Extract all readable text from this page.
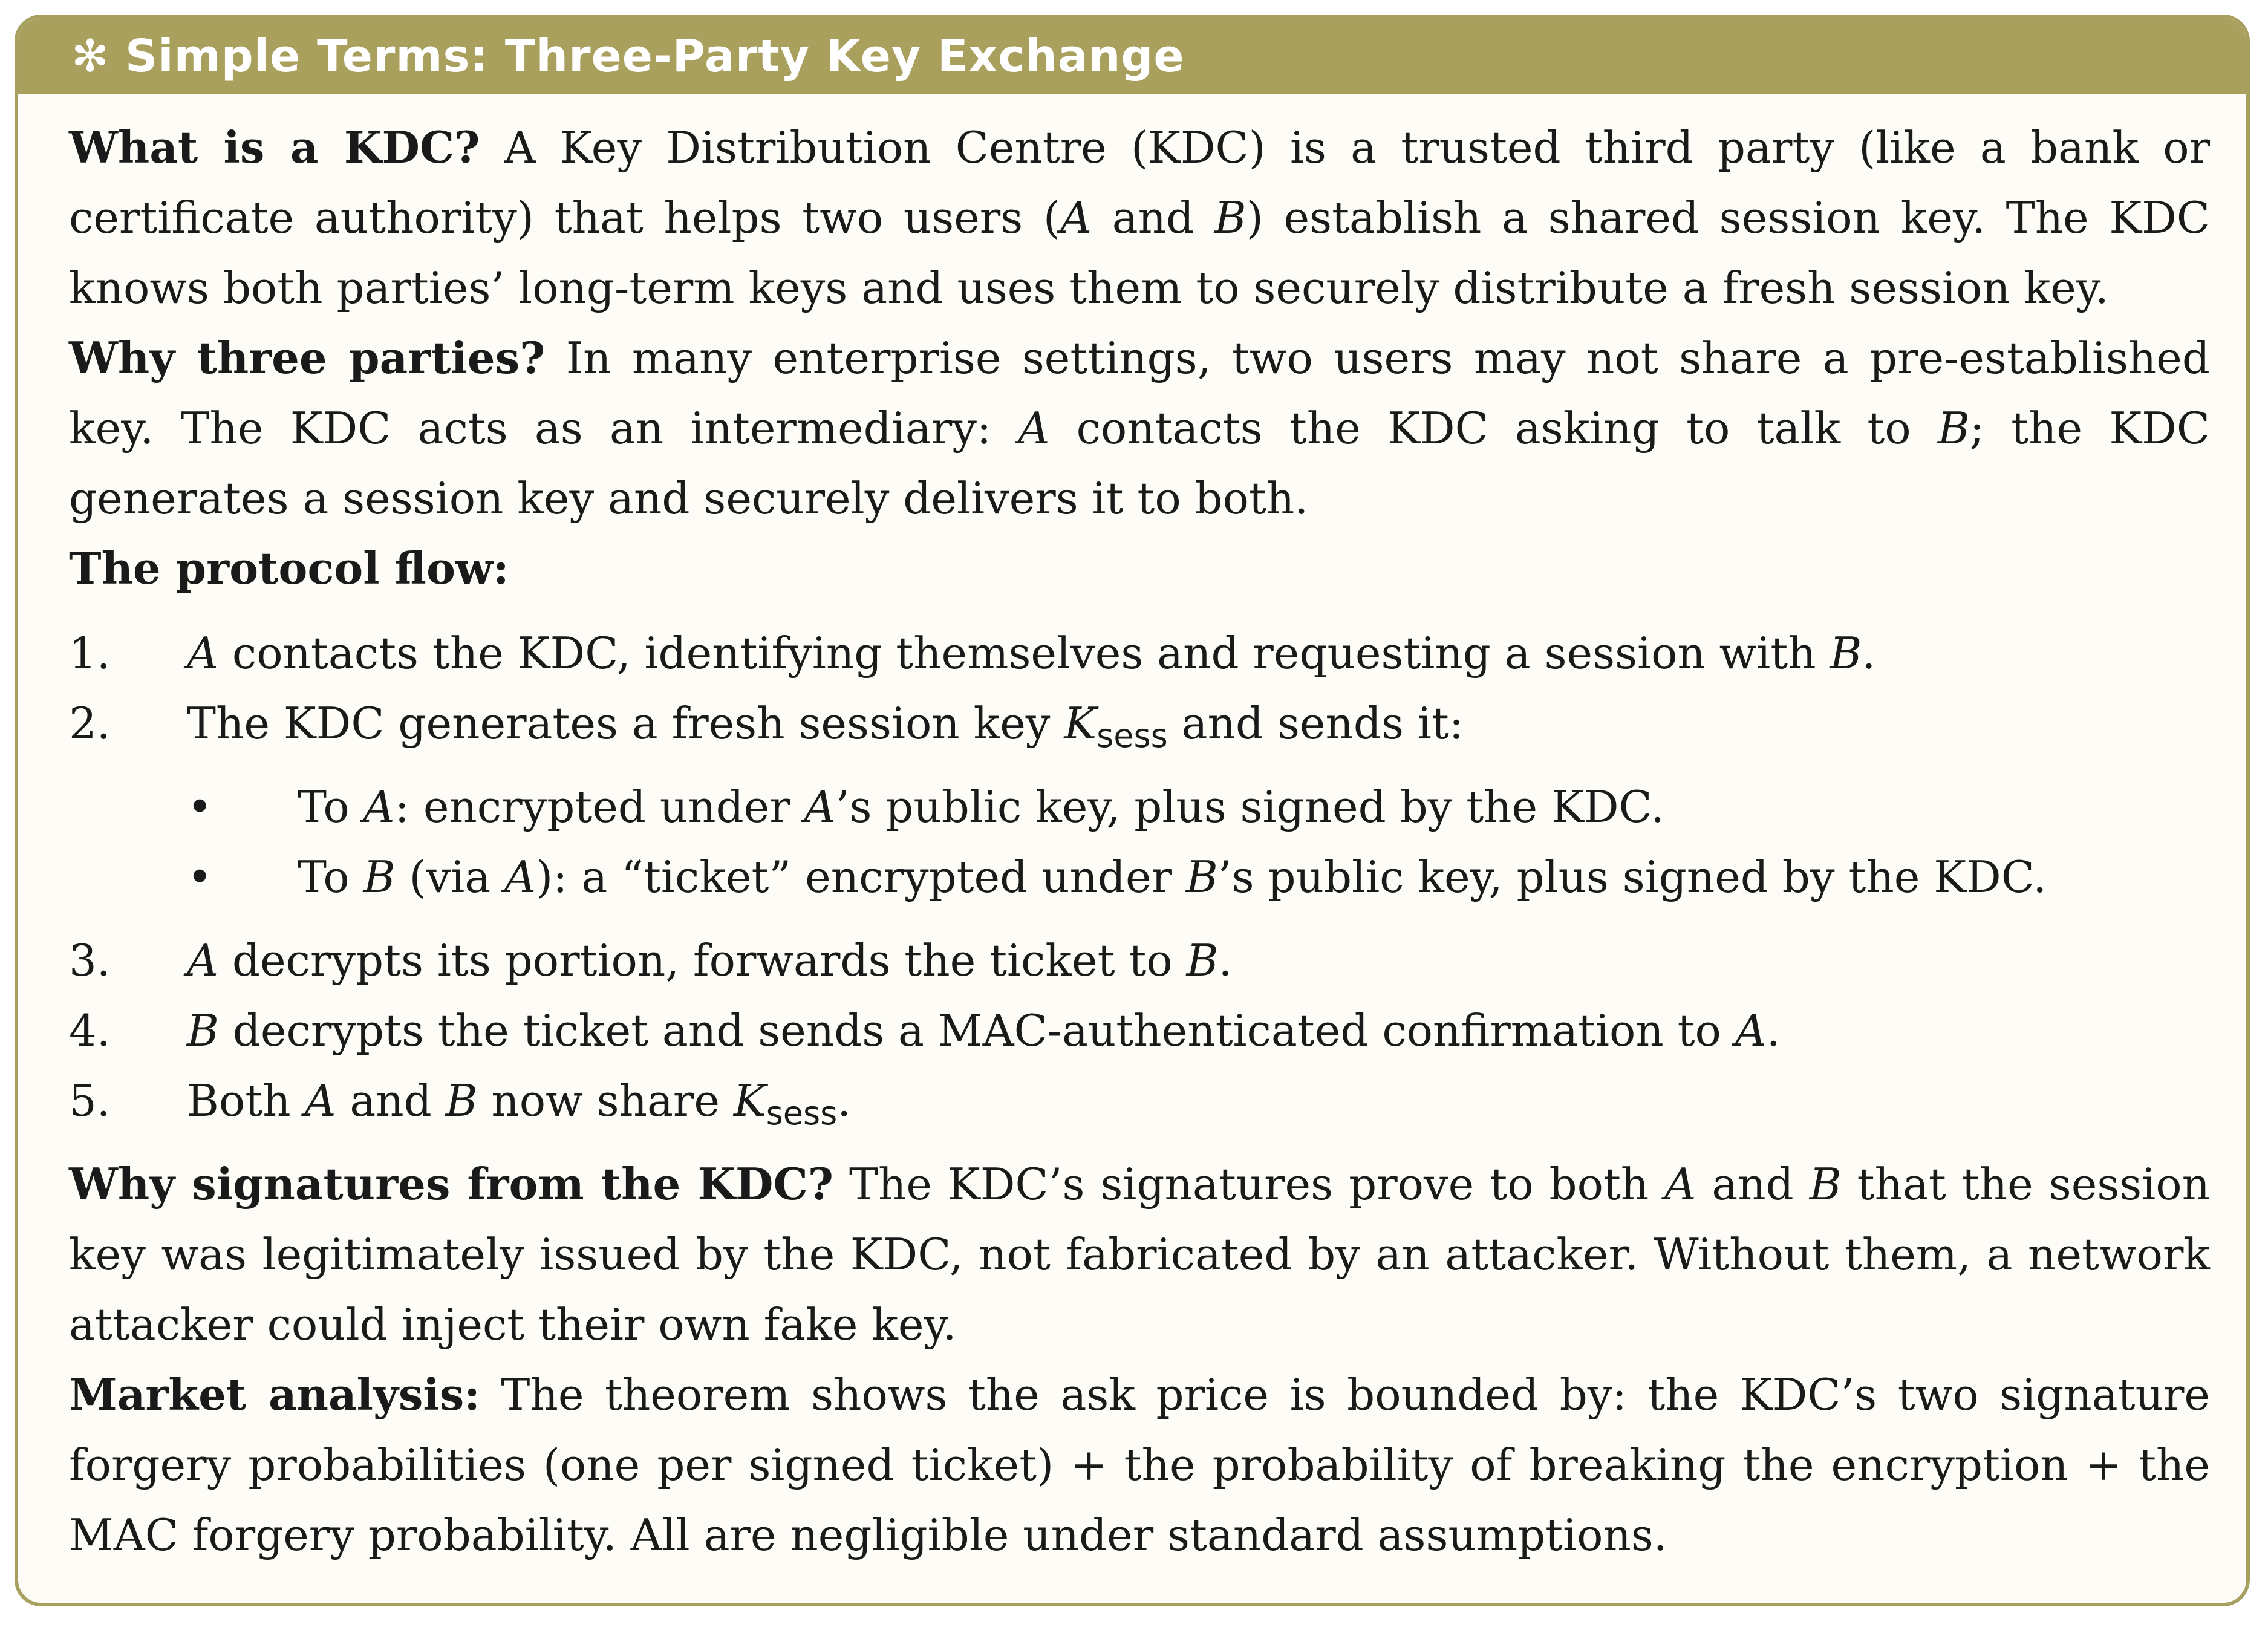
✻ Simple Terms: Three-Party Key Exchange

What is a KDC? A Key Distribution Centre (KDC) is a trusted third party (like a bank or certificate authority) that helps two users (A and B) establish a shared session key. The KDC knows both parties’ long-term keys and uses them to securely distribute a fresh session key.

Why three parties? In many enterprise settings, two users may not share a pre-established key. The KDC acts as an intermediary: A contacts the KDC asking to talk to B; the KDC generates a session key and securely delivers it to both.

The protocol flow:

1. A contacts the KDC, identifying themselves and requesting a session with B.
2. The KDC generates a fresh session key $K_{sess}$ and sends it:
• To A: encrypted under A’s public key, plus signed by the KDC.
• To B (via A): a “ticket” encrypted under B’s public key, plus signed by the KDC.
3. A decrypts its portion, forwards the ticket to B.
4. B decrypts the ticket and sends a MAC-authenticated confirmation to A.
5. Both A and B now share $K_{sess}$.

Why signatures from the KDC? The KDC’s signatures prove to both A and B that the session key was legitimately issued by the KDC, not fabricated by an attacker. Without them, a network attacker could inject their own fake key.

Market analysis: The theorem shows the ask price is bounded by: the KDC’s two signature forgery probabilities (one per signed ticket) + the probability of breaking the encryption + the MAC forgery probability. All are negligible under standard assumptions.
